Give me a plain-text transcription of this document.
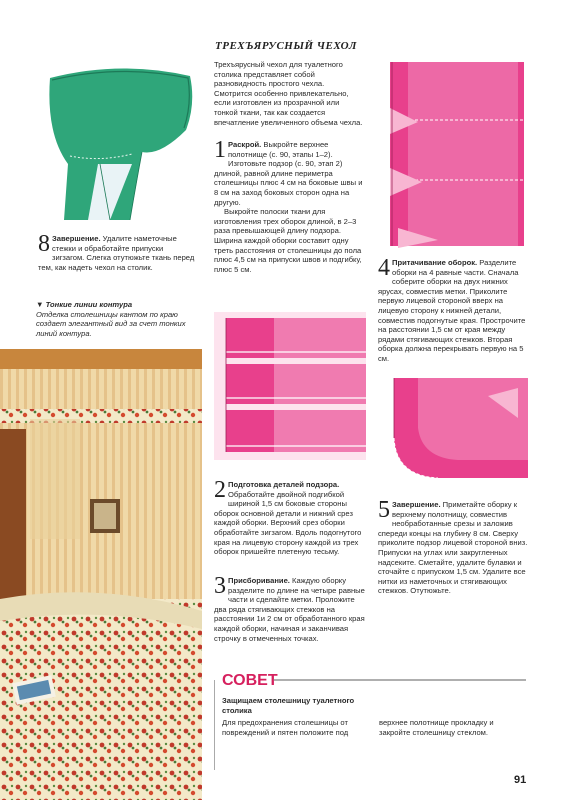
ТРЕХЪЯРУСНЫЙ ЧЕХОЛ
Трехъярусный чехол для туалетного столика представляет собой разновидность простого чехла. Смотрится особенно привлекательно, если изготовлен из прозрачной или тонкой ткани, так как создается впечатление увеличенного объема чехла.
8 Завершение. Удалите наметочные стежки и обработайте припуски зигзагом. Слегка отутюжьте ткань перед тем, как надеть чехол на столик.
▼ Тонкие линии контура
Отделка столешницы кантом по краю создает элегантный вид за счет тонких линий контура.
1 Раскрой. Выкройте верхнее полотнище (с. 90, этапы 1–2). Изготовьте подзор (с. 90, этап 2) длиной, равной длине периметра столешницы плюс 4 см на боковые швы и 8 см на заход боковых сторон одна на другую.
Выкройте полоски ткани для изготовления трех оборок длиной, в 2–3 раза превышающей длину подзора. Ширина каждой оборки составит одну треть расстояния от столешницы до пола плюс 4,5 см на припуски швов и подгибку, плюс 5 см.
2 Подготовка деталей подзора. Обработайте двойной подгибкой шириной 1,5 см боковые стороны оборок основной детали и нижний срез каждой оборки. Верхний срез оборки обработайте зигзагом. Вдоль подогнутого края на лицевую сторону каждой из трех оборок пришейте плетеную тесьму.
3 Присборивание. Каждую оборку разделите по длине на четыре равные части и сделайте метки. Проложите два ряда стягивающих стежков на расстоянии 1и 2 см от обработанного края каждой оборки, начиная и заканчивая строчку в отмеченных точках.
4 Притачивание оборок. Разделите оборки на 4 равные части. Сначала соберите оборки на двух нижних ярусах, совместив метки. Приколите первую лицевой стороной вверх на лицевую сторону к нижней детали, совместив подогнутые края. Прострочите на расстоянии 1,5 см от края между рядами стягивающих стежков. Вторая оборка должна перекрывать первую на 5 см.
5 Завершение. Приметайте оборку к верхнему полотнищу, совместив необработанные срезы и заложив спереди концы на глубину 8 см. Сверху приколите подзор лицевой стороной вниз. Припуски на углах или закругленных надсеките. Сметайте, удалите булавки и сточайте с припуском 1,5 см. Удалите все нитки из наметочных и стягивающих стежков. Отутюжьте.
СОВЕТ
Защищаем столешницу туалетного столика
Для предохранения столешницы от повреждений и пятен положите под верхнее полотнище прокладку и закройте столешницу стеклом.
91
